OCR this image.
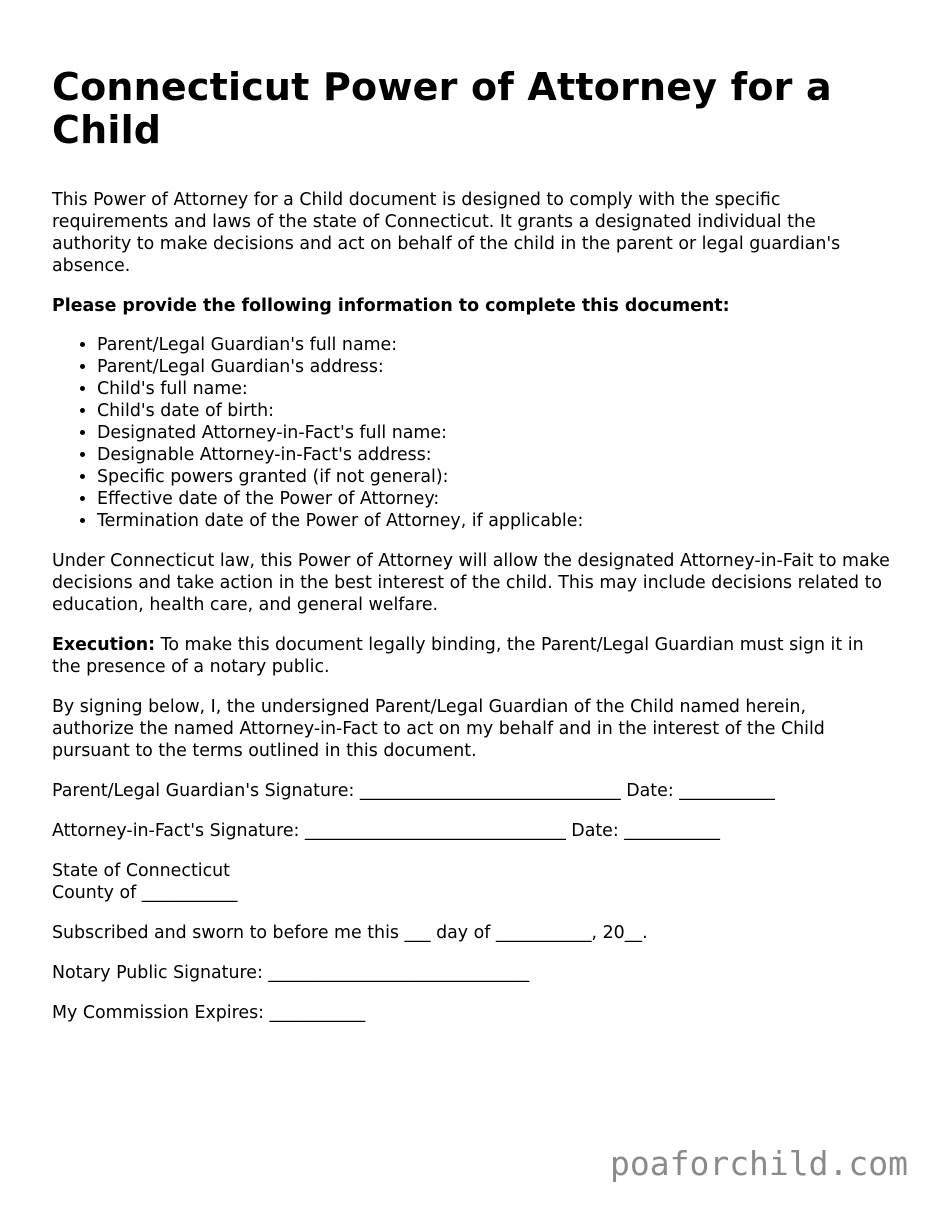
Connecticut Power of Attorney for a Child

This Power of Attorney for a Child document is designed to comply with the specific requirements and laws of the state of Connecticut. It grants a designated individual the authority to make decisions and act on behalf of the child in the parent or legal guardian's absence.

Please provide the following information to complete this document:

• Parent/Legal Guardian's full name:
• Parent/Legal Guardian's address:
• Child's full name:
• Child's date of birth:
• Designated Attorney-in-Fact's full name:
• Designable Attorney-in-Fact's address:
• Specific powers granted (if not general):
• Effective date of the Power of Attorney:
• Termination date of the Power of Attorney, if applicable:

Under Connecticut law, this Power of Attorney will allow the designated Attorney-in-Fait to make decisions and take action in the best interest of the child. This may include decisions related to education, health care, and general welfare.

Execution: To make this document legally binding, the Parent/Legal Guardian must sign it in the presence of a notary public.

By signing below, I, the undersigned Parent/Legal Guardian of the Child named herein, authorize the named Attorney-in-Fact to act on my behalf and in the interest of the Child pursuant to the terms outlined in this document.

Parent/Legal Guardian's Signature: ______________________________ Date: ___________

Attorney-in-Fact's Signature: ______________________________ Date: ___________

State of Connecticut

County of ___________

Subscribed and sworn to before me this ___ day of ___________, 20__.

Notary Public Signature: ______________________________

My Commission Expires: ___________

poaforchild.com
